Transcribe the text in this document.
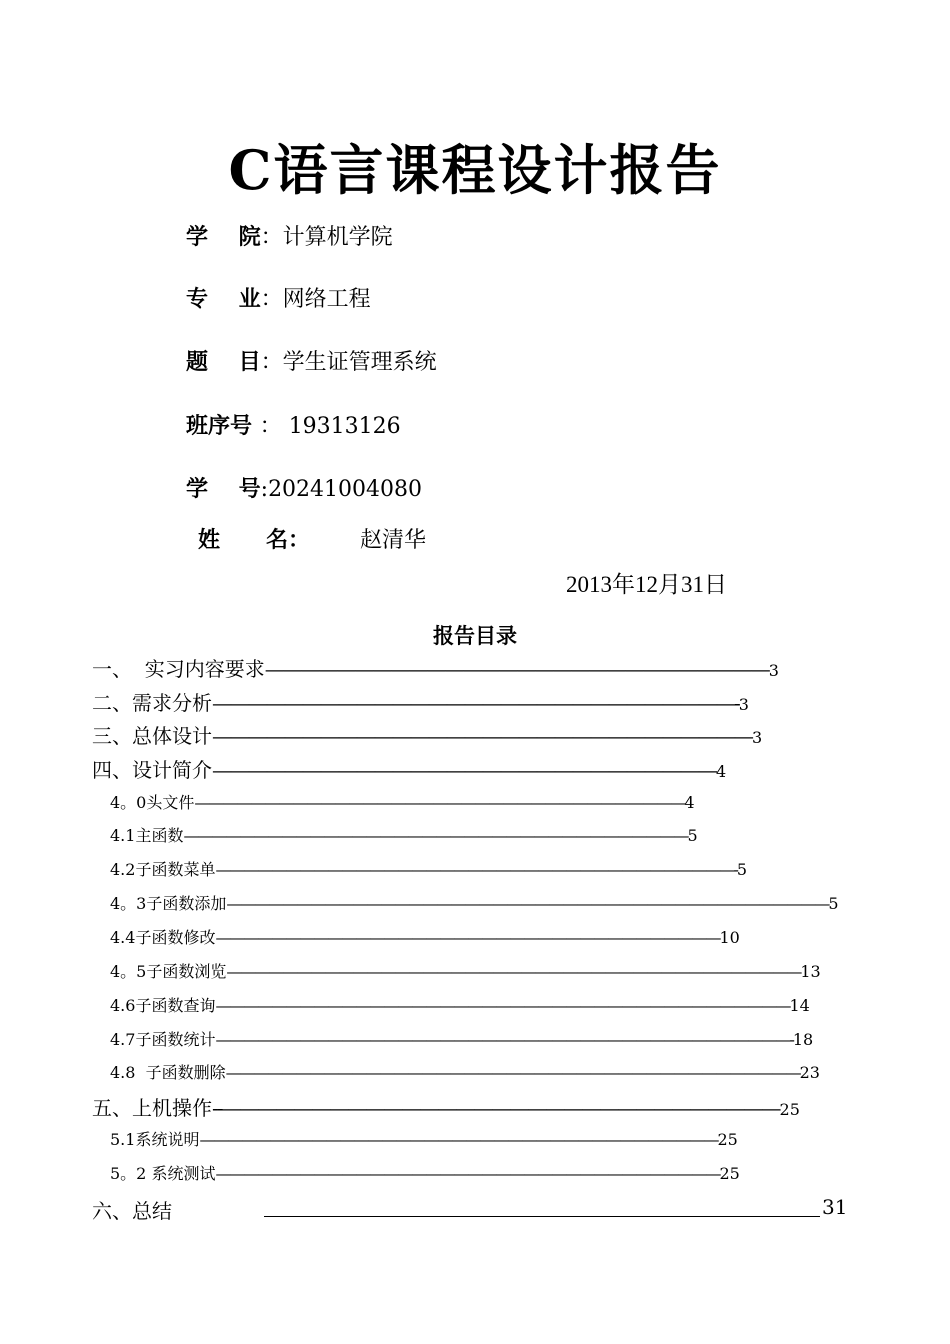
C语言课程设计报告
学    院：计算机学院
专    业：网络工程
题    目：学生证管理系统
班序号 ： 19313126
学    号:20241004080
姓      名： 赵清华
2013年12月31日
报告目录
一、  实习内容要求————————————————————————————3
二、需求分析—————————————————————————————-3
三、总体设计——————————————————————————————3
四、设计简介————————————————————————————4
4。0头文件———————————————————————————————————4
4.1主函数————————————————————————————————————5
4.2子函数菜单—————————————————————————————————————-5
4。3子函数添加———————————————————————————————————————————5
4.4子函数修改————————————————————————————————————10
4。5子函数浏览—————————————————————————————————————————13
4.6子函数查询—————————————————————————————————————————14
4.7子函数统计—————————————————————————————————————————-18
4.8  子函数删除—————————————————————————————————————————23
五、上机操作--———————————————————————————————25
5.1系统说明—————————————————————————————————————25
5。2 系统测试————————————————————————————————————25
六、总结	31
